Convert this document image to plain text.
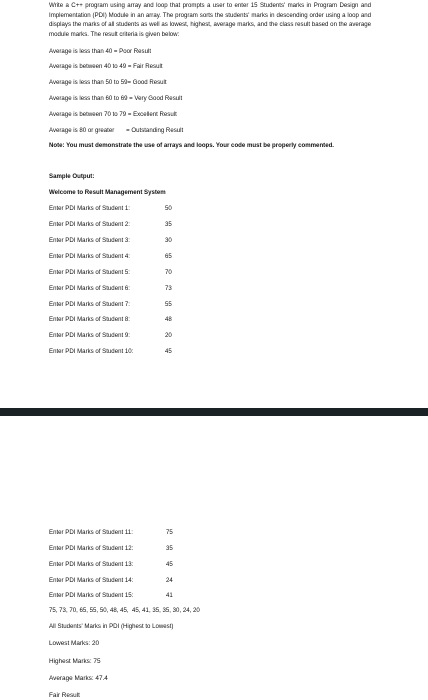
Write a C++ program using array and loop that prompts a user to enter 15 Students' marks in Program Design and Implementation (PDI) Module in an array. The program sorts the students' marks in descending order using a loop and displays the marks of all students as well as lowest, highest, average marks, and the class result based on the average module marks. The result criteria is given below:
Average is less than 40 = Poor Result
Average is between 40 to 49 = Fair Result
Average is less than 50 to 59= Good Result
Average is less than 60 to 69 = Very Good Result
Average is between 70 to 79 = Excellent Result
Average is 80 or greater       = Outstanding Result
Note: You must demonstrate the use of arrays and loops. Your code must be properly commented.
Sample Output:
Welcome to Result Management System
Enter PDI Marks of Student 1:	50
Enter PDI Marks of Student 2:	35
Enter PDI Marks of Student 3:	30
Enter PDI Marks of Student 4:	65
Enter PDI Marks of Student 5:	70
Enter PDI Marks of Student 6:	73
Enter PDI Marks of Student 7:	55
Enter PDI Marks of Student 8:	48
Enter PDI Marks of Student 9:	20
Enter PDI Marks of Student 10:	45
Enter PDI Marks of Student 11:	75
Enter PDI Marks of Student 12:	35
Enter PDI Marks of Student 13:	45
Enter PDI Marks of Student 14:	24
Enter PDI Marks of Student 15:	41
75, 73, 70, 65, 55, 50, 48, 45,  45, 41, 35, 35, 30, 24, 20
All Students' Marks in PDI (Highest to Lowest)
Lowest Marks: 20
Highest Marks: 75
Average Marks: 47.4
Fair Result
